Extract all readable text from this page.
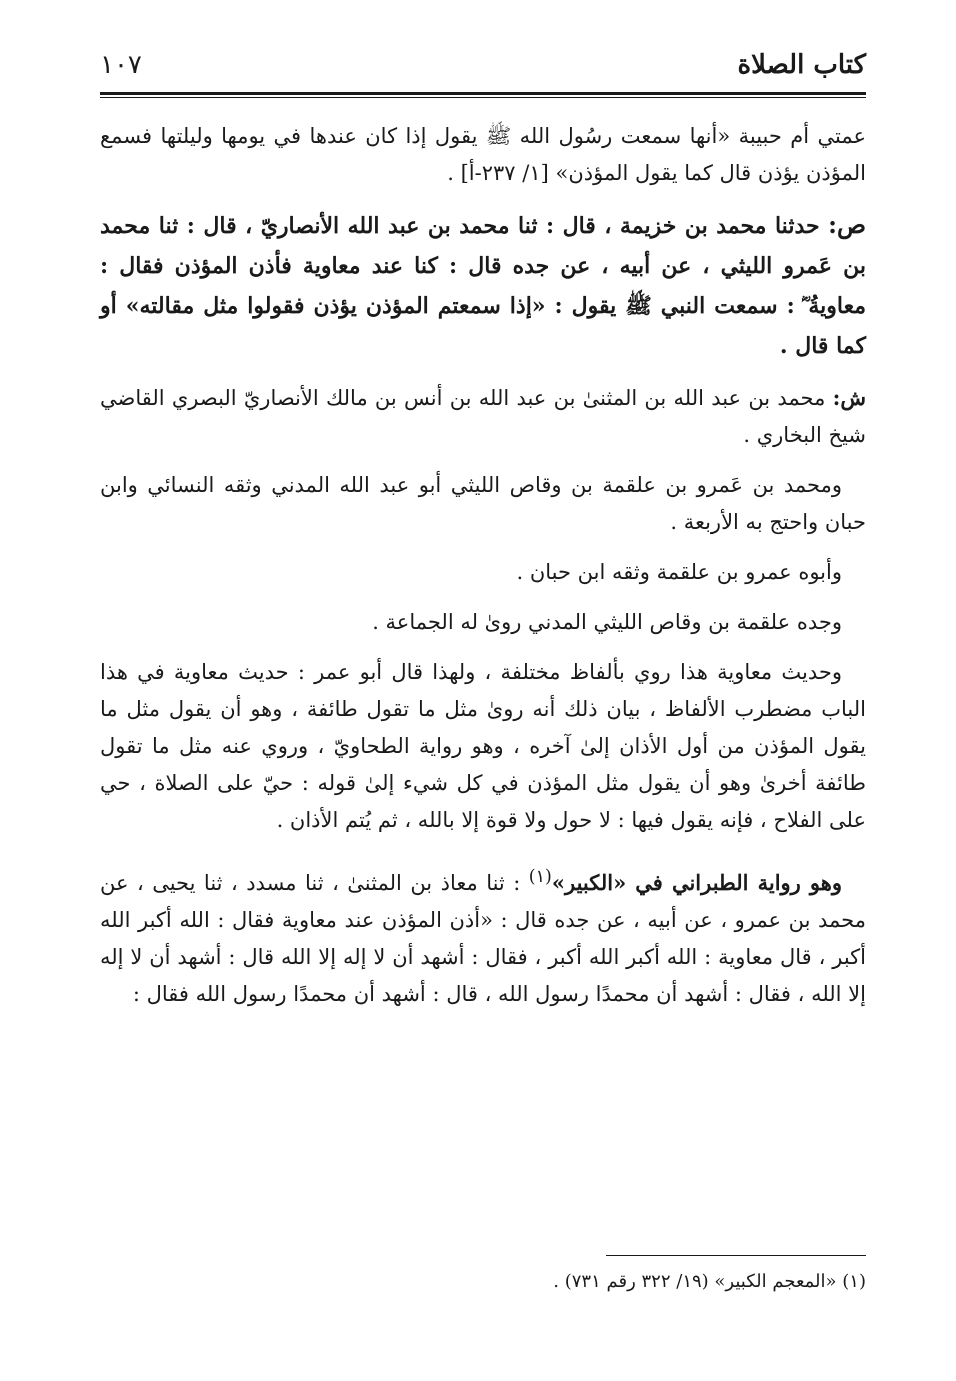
كتاب الصلاة
١٠٧

عمتي أم حبيبة «أنها سمعت رسُول الله ﷺ يقول إذا كان عندها في يومها وليلتها فسمع المؤذن يؤذن قال كما يقول المؤذن» [١/ ٢٣٧-أ] .

ص: حدثنا محمد بن خزيمة ، قال : ثنا محمد بن عبد الله الأنصاريّ ، قال : ثنا محمد بن عَمرو الليثي ، عن أبيه ، عن جده قال : كنا عند معاوية فأذن المؤذن فقال : معاويةُ ؓ : سمعت النبي ﷺ يقول : «إذا سمعتم المؤذن يؤذن فقولوا مثل مقالته» أو كما قال .

ش: محمد بن عبد الله بن المثنىٰ بن عبد الله بن أنس بن مالك الأنصاريّ البصري القاضي شيخ البخاري .

ومحمد بن عَمرو بن علقمة بن وقاص الليثي أبو عبد الله المدني وثقه النسائي وابن حبان واحتج به الأربعة .

وأبوه عمرو بن علقمة وثقه ابن حبان .

وجده علقمة بن وقاص الليثي المدني روىٰ له الجماعة .

وحديث معاوية هذا روي بألفاظ مختلفة ، ولهذا قال أبو عمر : حديث معاوية في هذا الباب مضطرب الألفاظ ، بيان ذلك أنه روىٰ مثل ما تقول طائفة ، وهو أن يقول مثل ما يقول المؤذن من أول الأذان إلىٰ آخره ، وهو رواية الطحاويّ ، وروي عنه مثل ما تقول طائفة أخرىٰ وهو أن يقول مثل المؤذن في كل شيء إلىٰ قوله : حيّ على الصلاة ، حي على الفلاح ، فإنه يقول فيها : لا حول ولا قوة إلا بالله ، ثم يُتم الأذان .

وهو رواية الطبراني في «الكبير»$^{(١)}$ : ثنا معاذ بن المثنىٰ ، ثنا مسدد ، ثنا يحيى ، عن محمد بن عمرو ، عن أبيه ، عن جده قال : «أذن المؤذن عند معاوية فقال : الله أكبر الله أكبر ، قال معاوية : الله أكبر الله أكبر ، فقال : أشهد أن لا إله إلا الله قال : أشهد أن لا إله إلا الله ، فقال : أشهد أن محمدًا رسول الله ، قال : أشهد أن محمدًا رسول الله فقال :

(١) «المعجم الكبير» (١٩/ ٣٢٢ رقم ٧٣١) .
